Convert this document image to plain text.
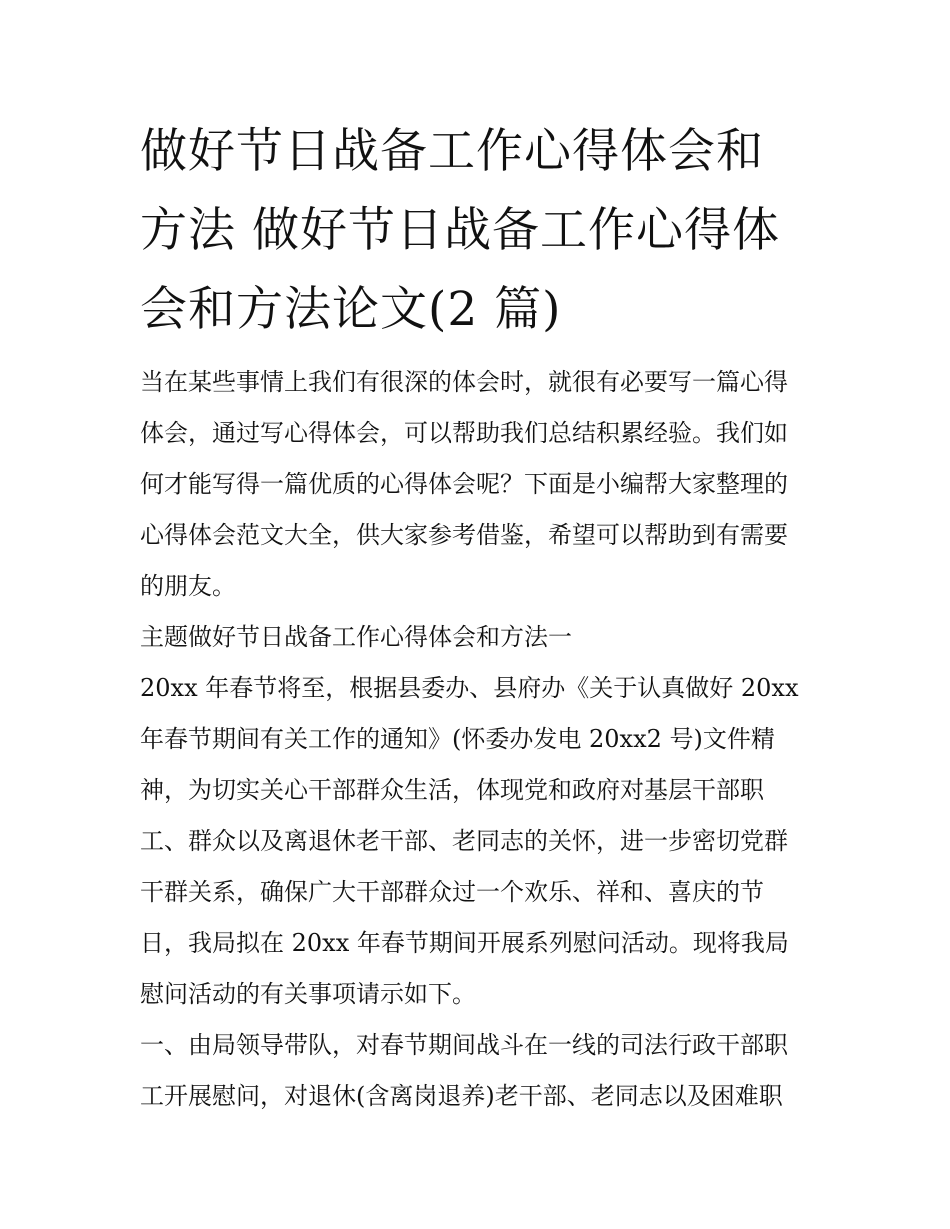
做好节日战备工作心得体会和
方法 做好节日战备工作心得体
会和方法论文(2 篇)

当在某些事情上我们有很深的体会时，就很有必要写一篇心得
体会，通过写心得体会，可以帮助我们总结积累经验。我们如
何才能写得一篇优质的心得体会呢？下面是小编帮大家整理的
心得体会范文大全，供大家参考借鉴，希望可以帮助到有需要
的朋友。

主题做好节日战备工作心得体会和方法一

20xx 年春节将至，根据县委办、县府办《关于认真做好 20xx
年春节期间有关工作的通知》(怀委办发电 20xx2 号)文件精
神，为切实关心干部群众生活，体现党和政府对基层干部职
工、群众以及离退休老干部、老同志的关怀，进一步密切党群
干群关系，确保广大干部群众过一个欢乐、祥和、喜庆的节
日，我局拟在 20xx 年春节期间开展系列慰问活动。现将我局
慰问活动的有关事项请示如下。

一、由局领导带队，对春节期间战斗在一线的司法行政干部职
工开展慰问，对退休(含离岗退养)老干部、老同志以及困难职
